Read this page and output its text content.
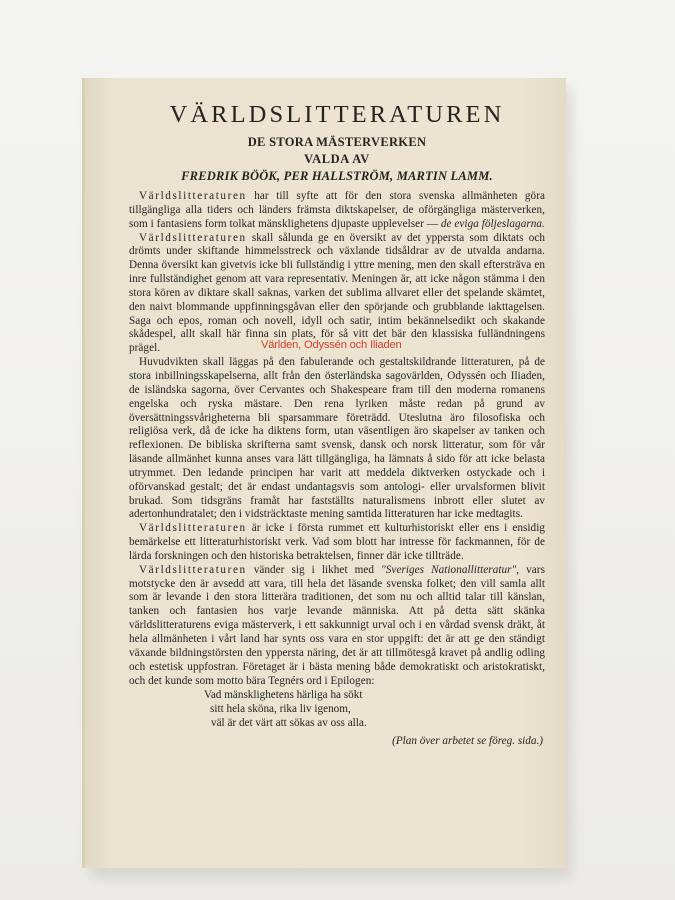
VÄRLDSLITTERATUREN
DE STORA MÄSTERVERKEN
VALDA AV
FREDRIK BÖÖK, PER HALLSTRÖM, MARTIN LAMM.

Världslitteraturen har till syfte att för den stora svenska allmänheten göra tillgängliga alla tiders och länders främsta diktskapelser, de oförgängliga mästerverken, som i fantasiens form tolkat mänsklighetens djupaste upplevelser — de eviga följeslagarna.

Världslitteraturen skall sålunda ge en översikt av det yppersta som diktats och drömts under skiftande himmelsstreck och växlande tidsåldrar av de utvalda andarna. Denna översikt kan givetvis icke bli fullständig i yttre mening, men den skall eftersträva en inre fullständighet genom att vara representativ. Meningen är, att icke någon stämma i den stora kören av diktare skall saknas, varken det sublima allvaret eller det spelande skämtet, den naivt blommande uppfinningsgåvan eller den spörjande och grubblande iakttagelsen. Saga och epos, roman och novell, idyll och satir, intim bekännelsedikt och skakande skådespel, allt skall här finna sin plats, för så vitt det bär den klassiska fulländningens prägel.

Huvudvikten skall läggas på den fabulerande och gestaltskildrande litteraturen, på de stora inbillningsskapelserna, allt från den österländska sagovärlden, Odyssén och Iliaden, de isländska sagorna, över Cervantes och Shakespeare fram till den moderna romanens engelska och ryska mästare. Den rena lyriken måste redan på grund av översättningssvårigheterna bli sparsammare företrädd. Uteslutna äro filosofiska och religiösa verk, då de icke ha diktens form, utan väsentligen äro skapelser av tanken och reflexionen. De bibliska skrifterna samt svensk, dansk och norsk litteratur, som för vår läsande allmänhet kunna anses vara lätt tillgängliga, ha lämnats å sido för att icke belasta utrymmet. Den ledande principen har varit att meddela diktverken ostyckade och i oförvanskad gestalt; det är endast undantagsvis som antologi- eller urvalsformen blivit brukad. Som tidsgräns framåt har fastställts naturalismens inbrott eller slutet av adertonhundratalet; den i vidsträcktaste mening samtida litteraturen har icke medtagits.

Världslitteraturen är icke i första rummet ett kulturhistoriskt eller ens i ensidig bemärkelse ett litteraturhistoriskt verk. Vad som blott har intresse för fackmannen, för de lärda forskningen och den historiska betraktelsen, finner där icke tillträde.

Världslitteraturen vänder sig i likhet med "Sveriges Nationallitteratur", vars motstycke den är avsedd att vara, till hela det läsande svenska folket; den vill samla allt som är levande i den stora litterära traditionen, det som nu och alltid talar till känslan, tanken och fantasien hos varje levande människa. Att på detta sätt skänka världslitteraturens eviga mästerverk, i ett sakkunnigt urval och i en vårdad svensk dräkt, åt hela allmänheten i vårt land har synts oss vara en stor uppgift: det är att ge den ständigt växande bildningstörsten den yppersta näring, det är att tillmötesgå kravet på andlig odling och estetisk uppfostran. Företaget är i bästa mening både demokratiskt och aristokratiskt, och det kunde som motto bära Tegnérs ord i Epilogen:

Vad mänsklighetens härliga ha sökt
sitt hela sköna, rika liv igenom,
väl är det värt att sökas av oss alla.
(Plan över arbetet se föreg. sida.)
Världen, Odyssén och Iliaden
